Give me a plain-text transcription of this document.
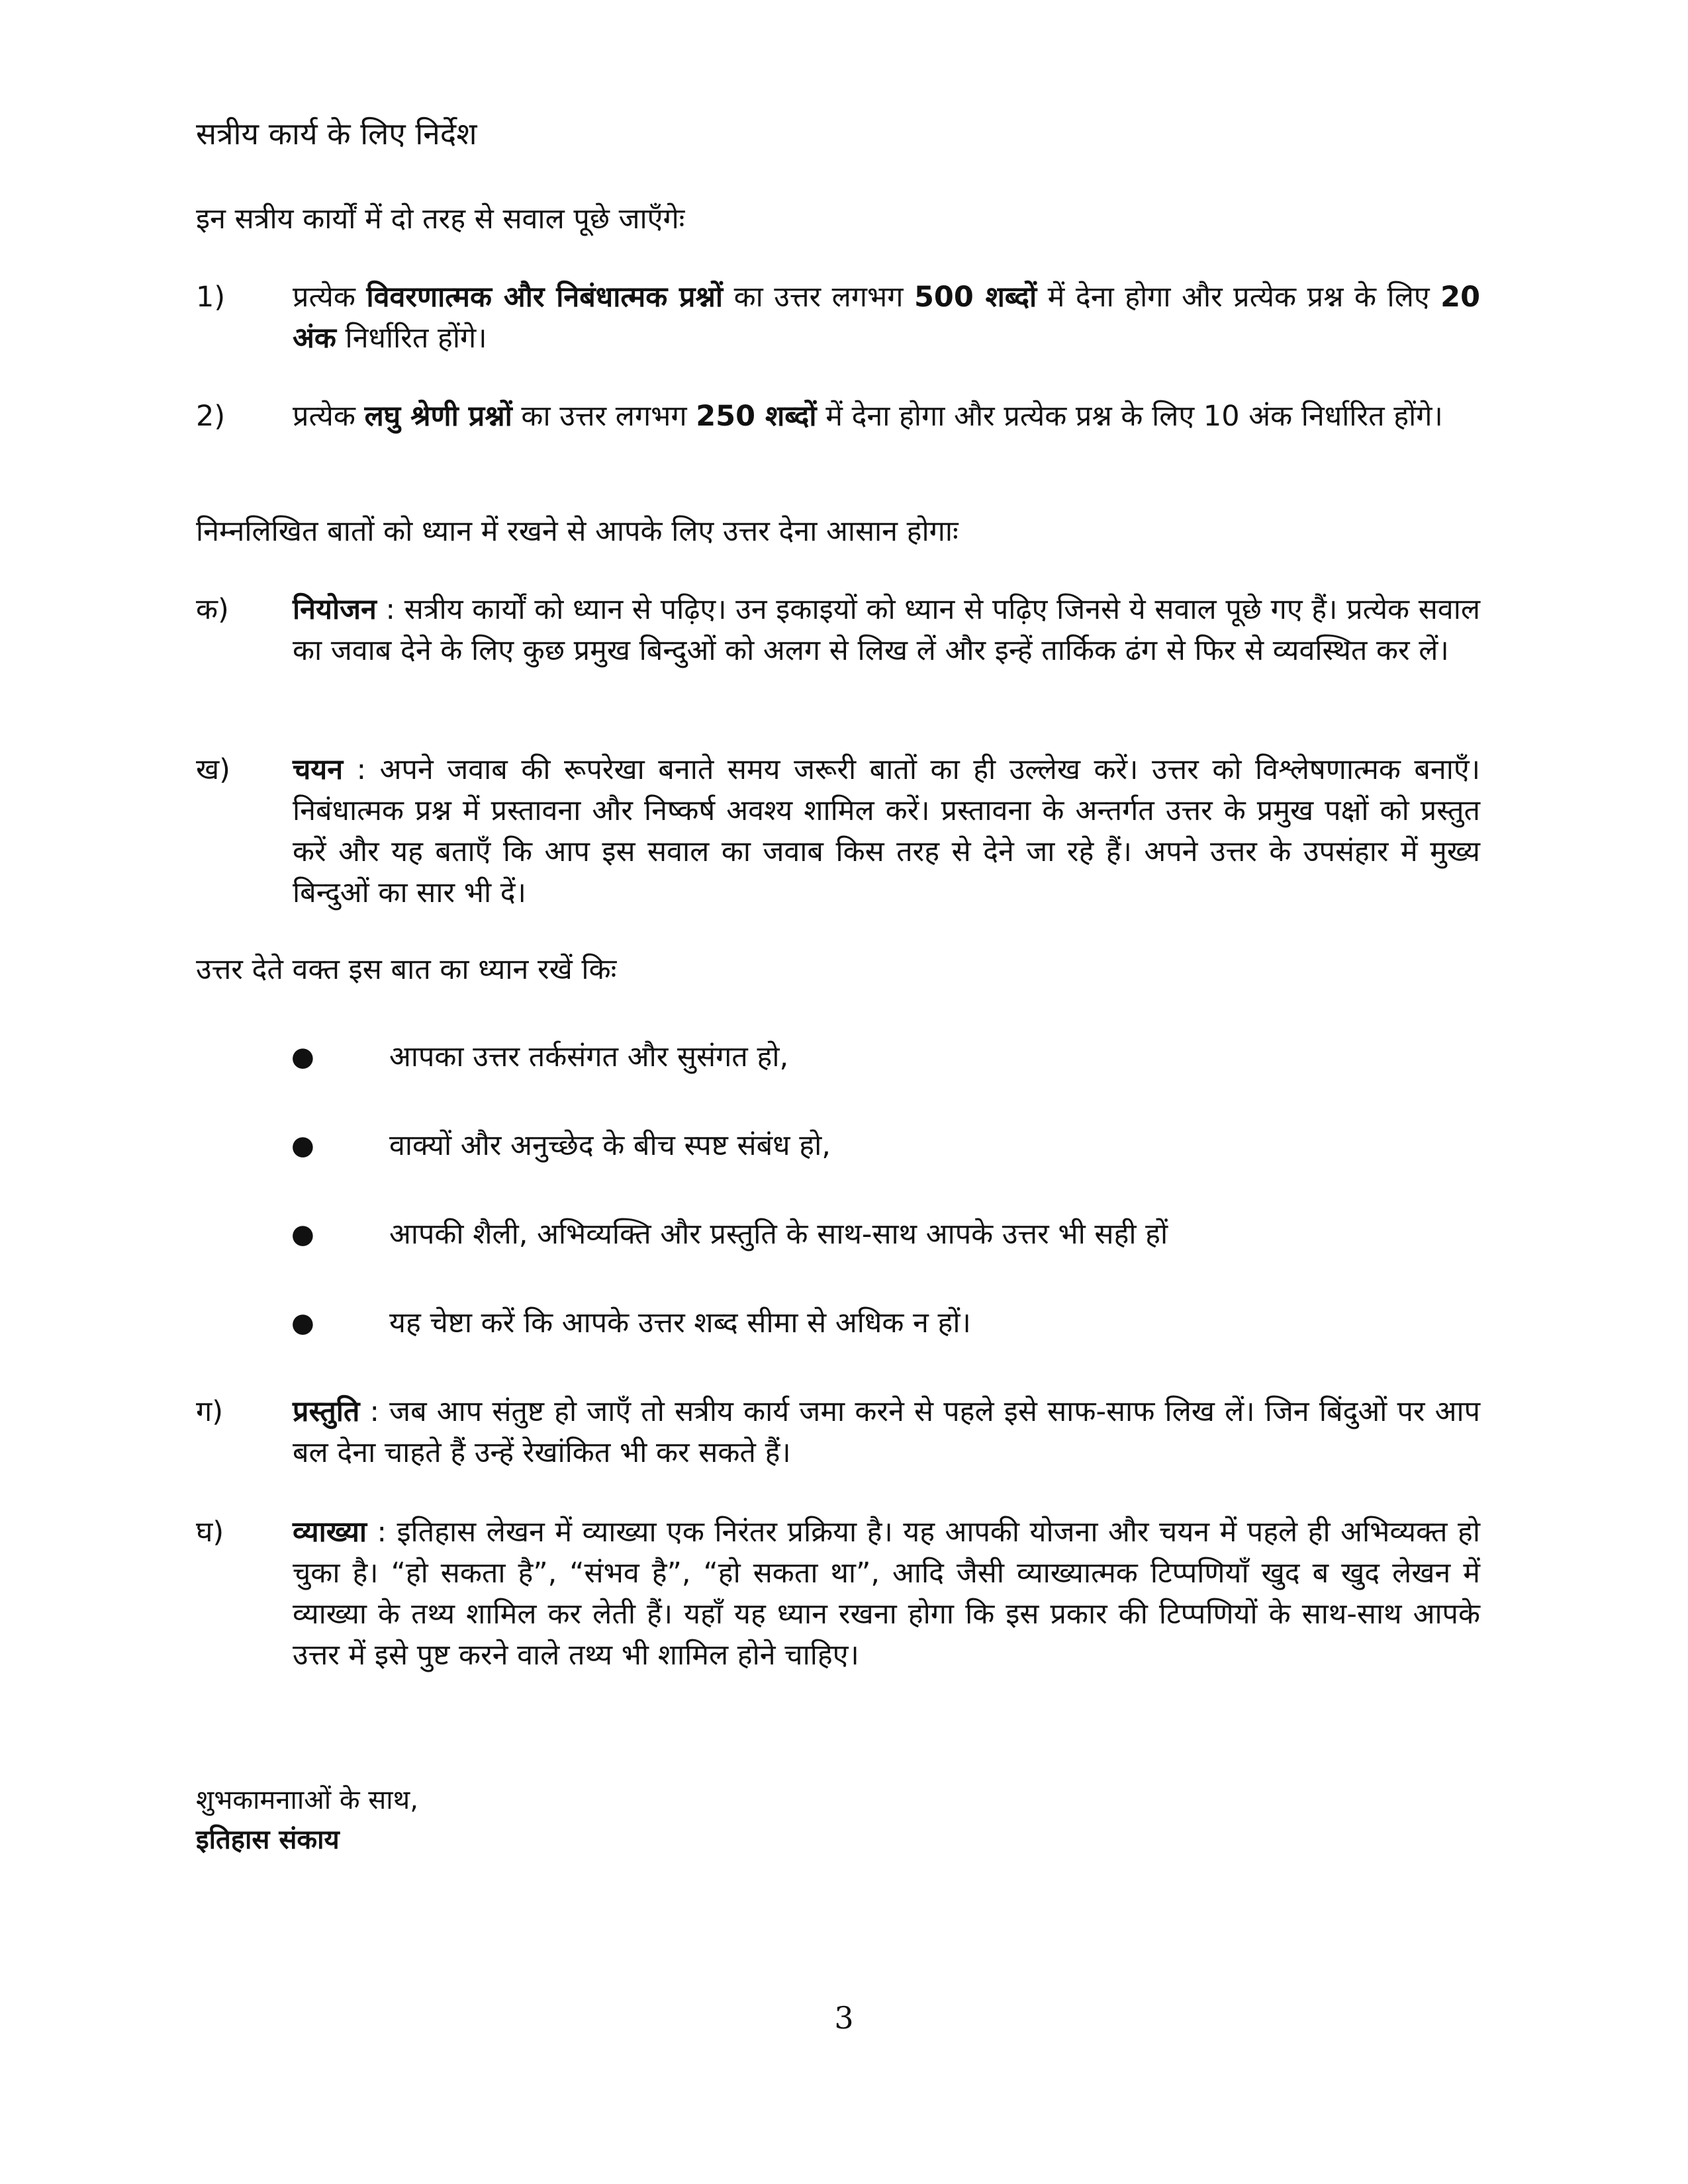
सत्रीय कार्य के लिए निर्देश
इन सत्रीय कार्यों में दो तरह से सवाल पूछे जाएँगेः
1) प्रत्येक विवरणात्मक और निबंधात्मक प्रश्नों का उत्तर लगभग 500 शब्दों में देना होगा और प्रत्येक प्रश्न के लिए 20 अंक निर्धारित होंगे।
2) प्रत्येक लघु श्रेणी प्रश्नों का उत्तर लगभग 250 शब्दों में देना होगा और प्रत्येक प्रश्न के लिए 10 अंक निर्धारित होंगे।
निम्नलिखित बातों को ध्यान में रखने से आपके लिए उत्तर देना आसान होगाः
क) नियोजन : सत्रीय कार्यों को ध्यान से पढ़िए। उन इकाइयों को ध्यान से पढ़िए जिनसे ये सवाल पूछे गए हैं। प्रत्येक सवाल का जवाब देने के लिए कुछ प्रमुख बिन्दुओं को अलग से लिख लें और इन्हें तार्किक ढंग से फिर से व्यवस्थित कर लें।
ख) चयन : अपने जवाब की रूपरेखा बनाते समय जरूरी बातों का ही उल्लेख करें। उत्तर को विश्लेषणात्मक बनाएँ। निबंधात्मक प्रश्न में प्रस्तावना और निष्कर्ष अवश्य शामिल करें। प्रस्तावना के अन्तर्गत उत्तर के प्रमुख पक्षों को प्रस्तुत करें और यह बताएँ कि आप इस सवाल का जवाब किस तरह से देने जा रहे हैं। अपने उत्तर के उपसंहार में मुख्य बिन्दुओं का सार भी दें।
उत्तर देते वक्त इस बात का ध्यान रखें किः
●	आपका उत्तर तर्कसंगत और सुसंगत हो,
●	वाक्यों और अनुच्छेद के बीच स्पष्ट संबंध हो,
●	आपकी शैली, अभिव्यक्ति और प्रस्तुति के साथ-साथ आपके उत्तर भी सही हों
●	यह चेष्टा करें कि आपके उत्तर शब्द सीमा से अधिक न हों।
ग) प्रस्तुति : जब आप संतुष्ट हो जाएँ तो सत्रीय कार्य जमा करने से पहले इसे साफ-साफ लिख लें। जिन बिंदुओं पर आप बल देना चाहते हैं उन्हें रेखांकित भी कर सकते हैं।
घ) व्याख्या : इतिहास लेखन में व्याख्या एक निरंतर प्रक्रिया है। यह आपकी योजना और चयन में पहले ही अभिव्यक्त हो चुका है। “हो सकता है”, “संभव है”, “हो सकता था”, आदि जैसी व्याख्यात्मक टिप्पणियाँ खुद ब खुद लेखन में व्याख्या के तथ्य शामिल कर लेती हैं। यहाँ यह ध्यान रखना होगा कि इस प्रकार की टिप्पणियों के साथ-साथ आपके उत्तर में इसे पुष्ट करने वाले तथ्य भी शामिल होने चाहिए।
शुभकामनााओं के साथ,
इतिहास संकाय
3
